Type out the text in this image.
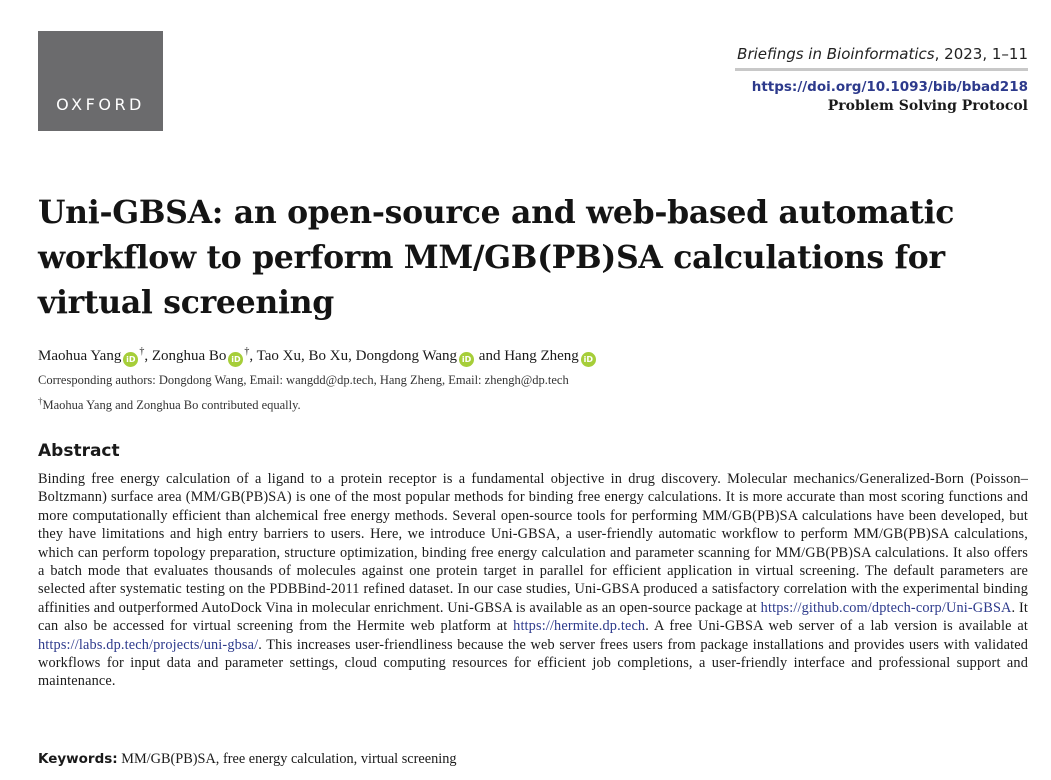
OXFORD
Briefings in Bioinformatics, 2023, 1–11
https://doi.org/10.1093/bib/bbad218
Problem Solving Protocol
Uni-GBSA: an open-source and web-based automatic workflow to perform MM/GB(PB)SA calculations for virtual screening
Maohua Yang iD†, Zonghua Bo iD†, Tao Xu, Bo Xu, Dongdong Wang iD and Hang Zheng iD
Corresponding authors: Dongdong Wang, Email: wangdd@dp.tech, Hang Zheng, Email: zhengh@dp.tech
†Maohua Yang and Zonghua Bo contributed equally.
Abstract
Binding free energy calculation of a ligand to a protein receptor is a fundamental objective in drug discovery. Molecular mechanics/Generalized-Born (Poisson–Boltzmann) surface area (MM/GB(PB)SA) is one of the most popular methods for binding free energy calculations. It is more accurate than most scoring functions and more computationally efficient than alchemical free energy methods. Several open-source tools for performing MM/GB(PB)SA calculations have been developed, but they have limitations and high entry barriers to users. Here, we introduce Uni-GBSA, a user-friendly automatic workflow to perform MM/GB(PB)SA calculations, which can perform topology preparation, structure optimization, binding free energy calculation and parameter scanning for MM/GB(PB)SA calculations. It also offers a batch mode that evaluates thousands of molecules against one protein target in parallel for efficient application in virtual screening. The default parameters are selected after systematic testing on the PDBBind-2011 refined dataset. In our case studies, Uni-GBSA produced a satisfactory correlation with the experimental binding affinities and outperformed AutoDock Vina in molecular enrichment. Uni-GBSA is available as an open-source package at https://github.com/dptech-corp/Uni-GBSA. It can also be accessed for virtual screening from the Hermite web platform at https://hermite.dp.tech. A free Uni-GBSA web server of a lab version is available at https://labs.dp.tech/projects/uni-gbsa/. This increases user-friendliness because the web server frees users from package installations and provides users with validated workflows for input data and parameter settings, cloud computing resources for efficient job completions, a user-friendly interface and professional support and maintenance.
Keywords: MM/GB(PB)SA, free energy calculation, virtual screening
